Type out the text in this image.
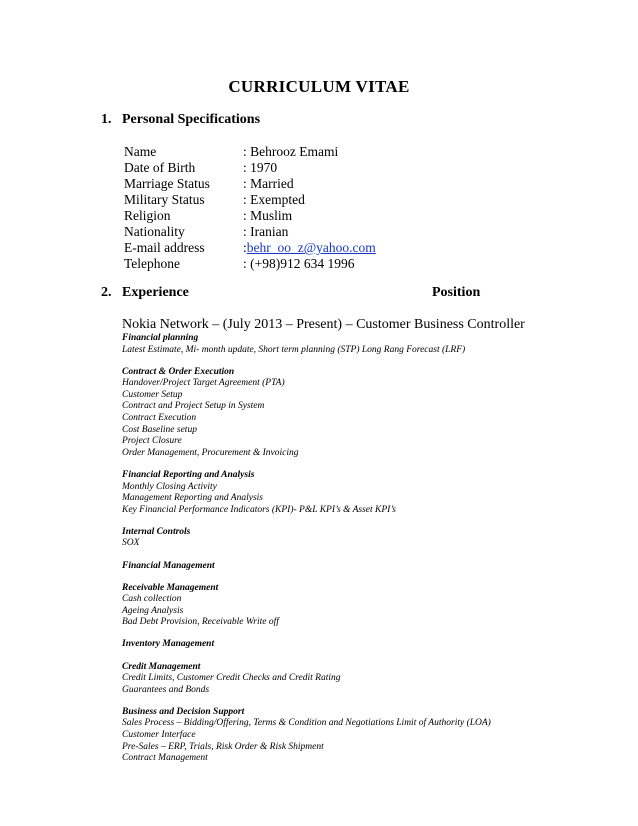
CURRICULUM VITAE
1. Personal Specifications
Name	: Behrooz Emami
Date of Birth	: 1970
Marriage Status : Married
Military Status	: Exempted
Religion	: Muslim
Nationality	: Iranian
E-mail address	:behr_oo_z@yahoo.com
Telephone	: (+98)912 634 1996
2. Experience	Position
Nokia Network – (July 2013 – Present) – Customer Business Controller
Financial planning
Latest Estimate, Mi- month update, Short term planning (STP) Long Rang Forecast (LRF)
Contract & Order Execution
Handover/Project Target Agreement (PTA)
Customer Setup
Contract and Project Setup in System
Contract Execution
Cost Baseline setup
Project Closure
Order Management, Procurement & Invoicing
Financial Reporting and Analysis
Monthly Closing Activity
Management Reporting and Analysis
Key Financial Performance Indicators (KPI)- P&L KPI’s & Asset KPI’s
Internal Controls
SOX
Financial Management
Receivable Management
Cash collection
Ageing Analysis
Bad Debt Provision, Receivable Write off
Inventory Management
Credit Management
Credit Limits, Customer Credit Checks and Credit Rating
Guarantees and Bonds
Business and Decision Support
Sales Process – Bidding/Offering, Terms & Condition and Negotiations Limit of Authority (LOA)
Customer Interface
Pre-Sales – ERP, Trials, Risk Order & Risk Shipment
Contract Management
